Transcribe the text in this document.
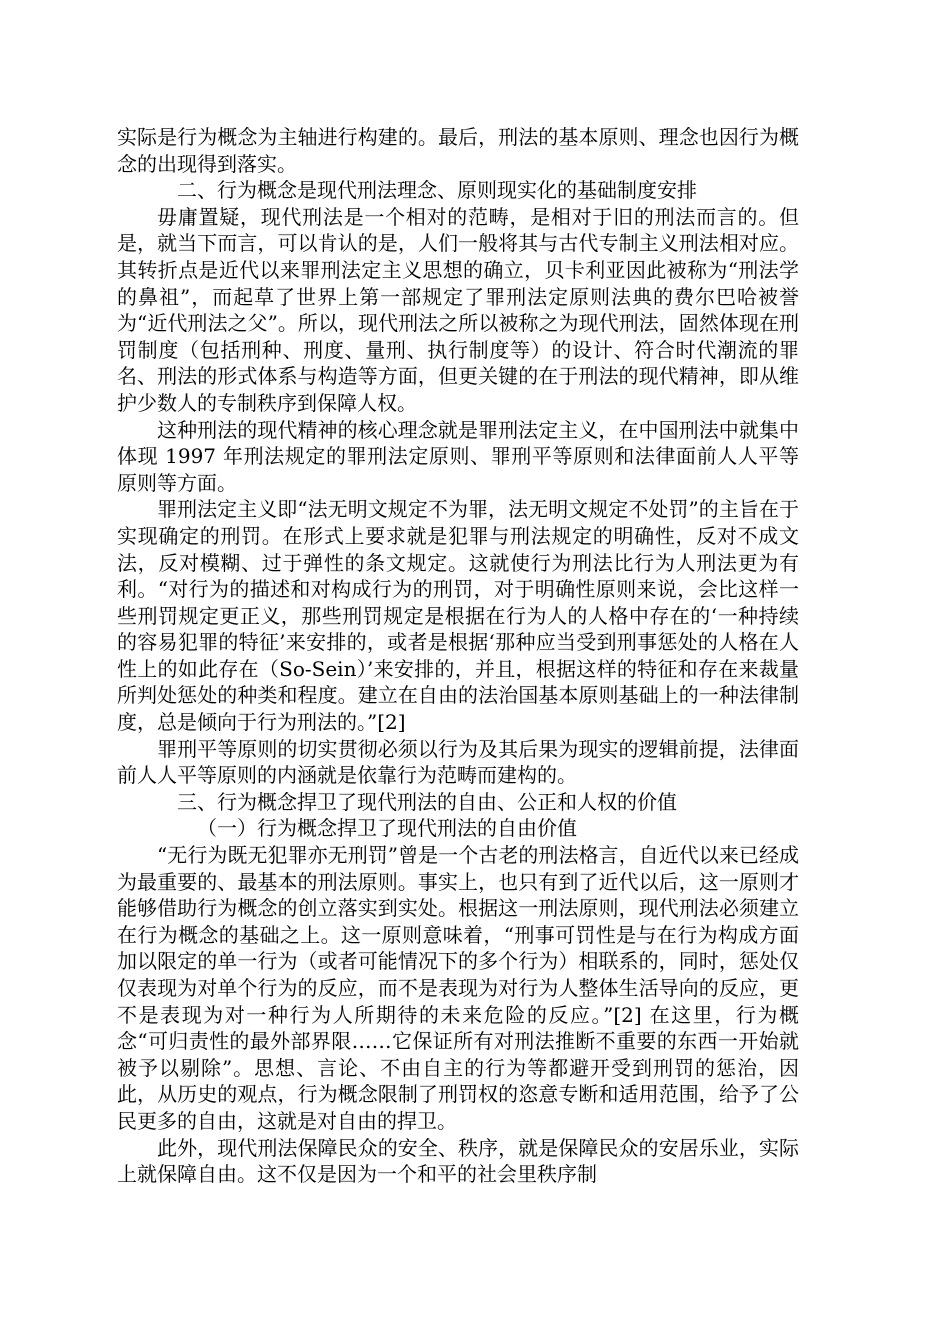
实际是行为概念为主轴进行构建的。最后，刑法的基本原则、理念也因行为概念的出现得到落实。

二、行为概念是现代刑法理念、原则现实化的基础制度安排

毋庸置疑，现代刑法是一个相对的范畴，是相对于旧的刑法而言的。但是，就当下而言，可以肯认的是，人们一般将其与古代专制主义刑法相对应。其转折点是近代以来罪刑法定主义思想的确立，贝卡利亚因此被称为“刑法学的鼻祖”，而起草了世界上第一部规定了罪刑法定原则法典的费尔巴哈被誉为“近代刑法之父”。所以，现代刑法之所以被称之为现代刑法，固然体现在刑罚制度（包括刑种、刑度、量刑、执行制度等）的设计、符合时代潮流的罪名、刑法的形式体系与构造等方面，但更关键的在于刑法的现代精神，即从维护少数人的专制秩序到保障人权。

这种刑法的现代精神的核心理念就是罪刑法定主义，在中国刑法中就集中体现 1997 年刑法规定的罪刑法定原则、罪刑平等原则和法律面前人人平等原则等方面。

罪刑法定主义即“法无明文规定不为罪，法无明文规定不处罚”的主旨在于实现确定的刑罚。在形式上要求就是犯罪与刑法规定的明确性，反对不成文法，反对模糊、过于弹性的条文规定。这就使行为刑法比行为人刑法更为有利。“对行为的描述和对构成行为的刑罚，对于明确性原则来说，会比这样一些刑罚规定更正义，那些刑罚规定是根据在行为人的人格中存在的‘一种持续的容易犯罪的特征’来安排的，或者是根据‘那种应当受到刑事惩处的人格在人性上的如此存在（So-Sein）’来安排的，并且，根据这样的特征和存在来裁量所判处惩处的种类和程度。建立在自由的法治国基本原则基础上的一种法律制度，总是倾向于行为刑法的。”[2]

罪刑平等原则的切实贯彻必须以行为及其后果为现实的逻辑前提，法律面前人人平等原则的内涵就是依靠行为范畴而建构的。

三、行为概念捍卫了现代刑法的自由、公正和人权的价值

（一）行为概念捍卫了现代刑法的自由价值

“无行为既无犯罪亦无刑罚”曾是一个古老的刑法格言，自近代以来已经成为最重要的、最基本的刑法原则。事实上，也只有到了近代以后，这一原则才能够借助行为概念的创立落实到实处。根据这一刑法原则，现代刑法必须建立在行为概念的基础之上。这一原则意味着，“刑事可罚性是与在行为构成方面加以限定的单一行为（或者可能情况下的多个行为）相联系的，同时，惩处仅仅表现为对单个行为的反应，而不是表现为对行为人整体生活导向的反应，更不是表现为对一种行为人所期待的未来危险的反应。”[2] 在这里，行为概念“可归责性的最外部界限……它保证所有对刑法推断不重要的东西一开始就被予以剔除”。思想、言论、不由自主的行为等都避开受到刑罚的惩治，因此，从历史的观点，行为概念限制了刑罚权的恣意专断和适用范围，给予了公民更多的自由，这就是对自由的捍卫。

此外，现代刑法保障民众的安全、秩序，就是保障民众的安居乐业，实际上就保障自由。这不仅是因为一个和平的社会里秩序制
